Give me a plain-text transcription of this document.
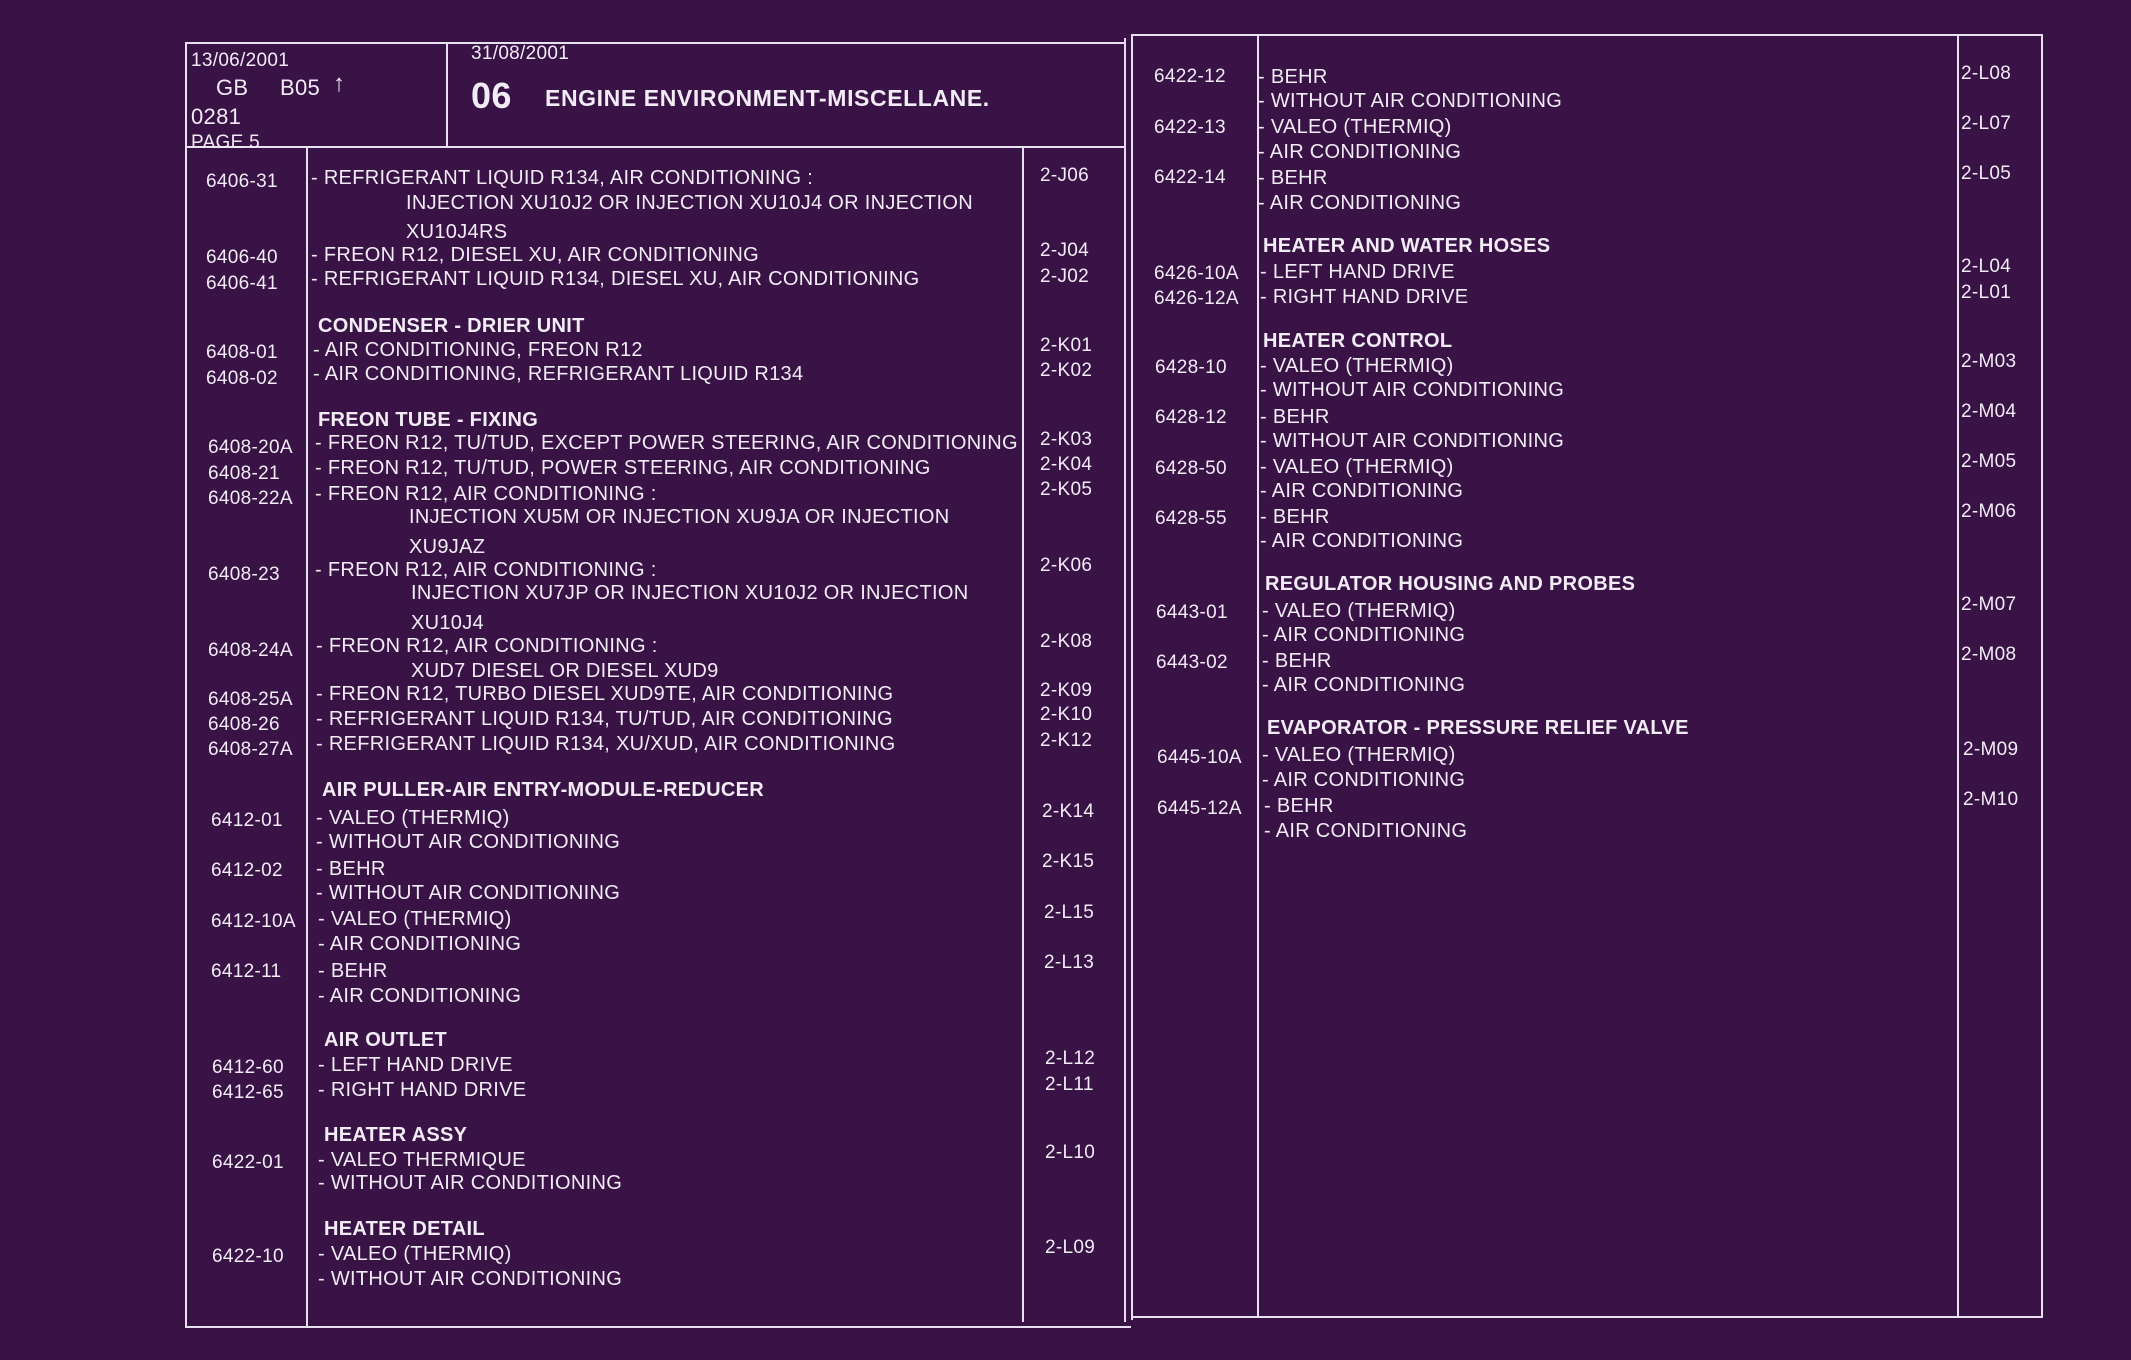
13/06/2001
GB B05 ↑
0281
PAGE 5
31/08/2001
06 ENGINE ENVIRONMENT-MISCELLANE.
6406-31 - REFRIGERANT LIQUID R134, AIR CONDITIONING :	2-J06
INJECTION XU10J2 OR INJECTION XU10J4 OR INJECTION
XU10J4RS
6406-40 - FREON R12, DIESEL XU, AIR CONDITIONING	2-J04
6406-41 - REFRIGERANT LIQUID R134, DIESEL XU, AIR CONDITIONING	2-J02
CONDENSER - DRIER UNIT
6408-01 - AIR CONDITIONING, FREON R12	2-K01
6408-02 - AIR CONDITIONING, REFRIGERANT LIQUID R134	2-K02
FREON TUBE - FIXING
6408-20A - FREON R12, TU/TUD, EXCEPT POWER STEERING, AIR CONDITIONING 2-K03
6408-21 - FREON R12, TU/TUD, POWER STEERING, AIR CONDITIONING	2-K04
6408-22A - FREON R12, AIR CONDITIONING :	2-K05
INJECTION XU5M OR INJECTION XU9JA OR INJECTION
XU9JAZ
6408-23 - FREON R12, AIR CONDITIONING :	2-K06
INJECTION XU7JP OR INJECTION XU10J2 OR INJECTION
XU10J4
6408-24A - FREON R12, AIR CONDITIONING :	2-K08
XUD7 DIESEL OR DIESEL XUD9
6408-25A - FREON R12, TURBO DIESEL XUD9TE, AIR CONDITIONING	2-K09
6408-26 - REFRIGERANT LIQUID R134, TU/TUD, AIR CONDITIONING	2-K10
6408-27A - REFRIGERANT LIQUID R134, XU/XUD, AIR CONDITIONING	2-K12
AIR PULLER-AIR ENTRY-MODULE-REDUCER
6412-01 - VALEO (THERMIQ)	2-K14
- WITHOUT AIR CONDITIONING
6412-02 - BEHR	2-K15
- WITHOUT AIR CONDITIONING
6412-10A - VALEO (THERMIQ)	2-L15
- AIR CONDITIONING
6412-11 - BEHR	2-L13
- AIR CONDITIONING
AIR OUTLET
6412-60 - LEFT HAND DRIVE	2-L12
6412-65 - RIGHT HAND DRIVE	2-L11
HEATER ASSY
6422-01 - VALEO THERMIQUE	2-L10
- WITHOUT AIR CONDITIONING
HEATER DETAIL
6422-10 - VALEO (THERMIQ)	2-L09
- WITHOUT AIR CONDITIONING
6422-12 - BEHR	2-L08
- WITHOUT AIR CONDITIONING
6422-13 - VALEO (THERMIQ)	2-L07
- AIR CONDITIONING
6422-14 - BEHR	2-L05
- AIR CONDITIONING
HEATER AND WATER HOSES
6426-10A - LEFT HAND DRIVE	2-L04
6426-12A - RIGHT HAND DRIVE	2-L01
HEATER CONTROL
6428-10 - VALEO (THERMIQ)	2-M03
- WITHOUT AIR CONDITIONING
6428-12 - BEHR	2-M04
- WITHOUT AIR CONDITIONING
6428-50 - VALEO (THERMIQ)	2-M05
- AIR CONDITIONING
6428-55 - BEHR	2-M06
- AIR CONDITIONING
REGULATOR HOUSING AND PROBES
6443-01 - VALEO (THERMIQ)	2-M07
- AIR CONDITIONING
6443-02 - BEHR	2-M08
- AIR CONDITIONING
EVAPORATOR - PRESSURE RELIEF VALVE
6445-10A - VALEO (THERMIQ)	2-M09
- AIR CONDITIONING
6445-12A - BEHR	2-M10
- AIR CONDITIONING
